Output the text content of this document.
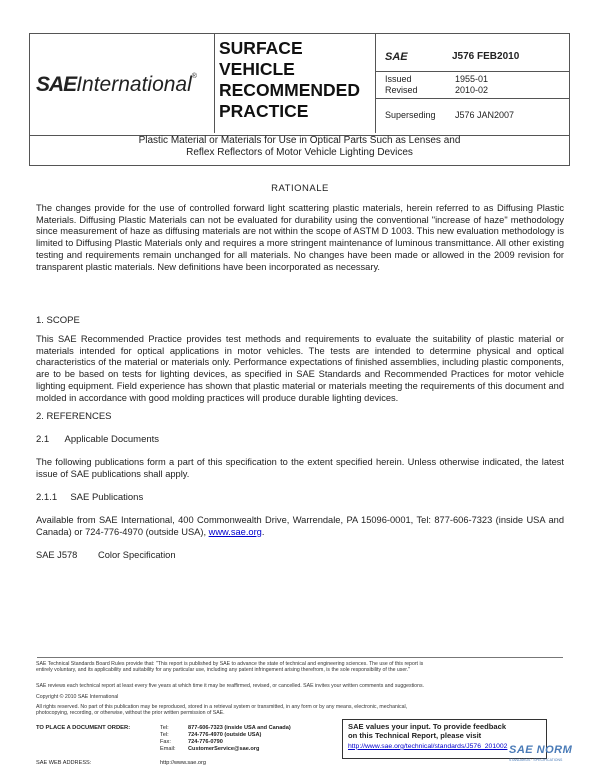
SAEInternational®
SURFACE
VEHICLE
RECOMMENDED
PRACTICE
SAE	J576 FEB2010
Issued	1955-01
Revised	2010-02
Superseding J576 JAN2007
Plastic Material or Materials for Use in Optical Parts Such as Lenses and
Reflex Reflectors of Motor Vehicle Lighting Devices
RATIONALE
The changes provide for the use of controlled forward light scattering plastic materials, herein referred to as Diffusing Plastic Materials. Diffusing Plastic Materials can not be evaluated for durability using the conventional "increase of haze" methodology since measurement of haze as diffusing materials are not within the scope of ASTM D 1003. This new evaluation methodology is limited to Diffusing Plastic Materials only and requires a more stringent maintenance of luminous transmittance. All other existing testing and requirements remain unchanged for all materials. No changes have been made or allowed in the 2009 revision for transparent plastic materials. New definitions have been incorporated as necessary.
1. SCOPE
This SAE Recommended Practice provides test methods and requirements to evaluate the suitability of plastic material or materials intended for optical applications in motor vehicles. The tests are intended to determine physical and optical characteristics of the material or materials only. Performance expectations of finished assemblies, including plastic components, are to be based on tests for lighting devices, as specified in SAE Standards and Recommended Practices for motor vehicle lighting equipment. Field experience has shown that plastic material or materials meeting the requirements of this document and molded in accordance with good molding practices will produce durable lighting devices.
2. REFERENCES
2.1      Applicable Documents
The following publications form a part of this specification to the extent specified herein. Unless otherwise indicated, the latest issue of SAE publications shall apply.
2.1.1     SAE Publications
Available from SAE International, 400 Commonwealth Drive, Warrendale, PA 15096-0001, Tel: 877-606-7323 (inside USA and Canada) or 724-776-4970 (outside USA), www.sae.org.
SAE J578 Color Specification
SAE Technical Standards Board Rules provide that: "This report is published by SAE to advance the state of technical and engineering sciences. The use of this report is
entirely voluntary, and its applicability and suitability for any particular use, including any patent infringement arising therefrom, is the sole responsibility of the user."
SAE reviews each technical report at least every five years at which time it may be reaffirmed, revised, or cancelled. SAE invites your written comments and suggestions.
Copyright © 2010 SAE International
All rights reserved. No part of this publication may be reproduced, stored in a retrieval system or transmitted, in any form or by any means, electronic, mechanical,
photocopying, recording, or otherwise, without the prior written permission of SAE.
TO PLACE A DOCUMENT ORDER:	Tel:	877-606-7323 (inside USA and Canada)
Tel:	724-776-4970 (outside USA)
Fax:	724-776-0790
Email: CustomerService@sae.org
SAE WEB ADDRESS:	http://www.sae.org
SAE values your input. To provide feedback
on this Technical Report, please visit
http://www.sae.org/technical/standards/J576_201002 SAE NORM
STANDARDS · SPECIFICATIONS
